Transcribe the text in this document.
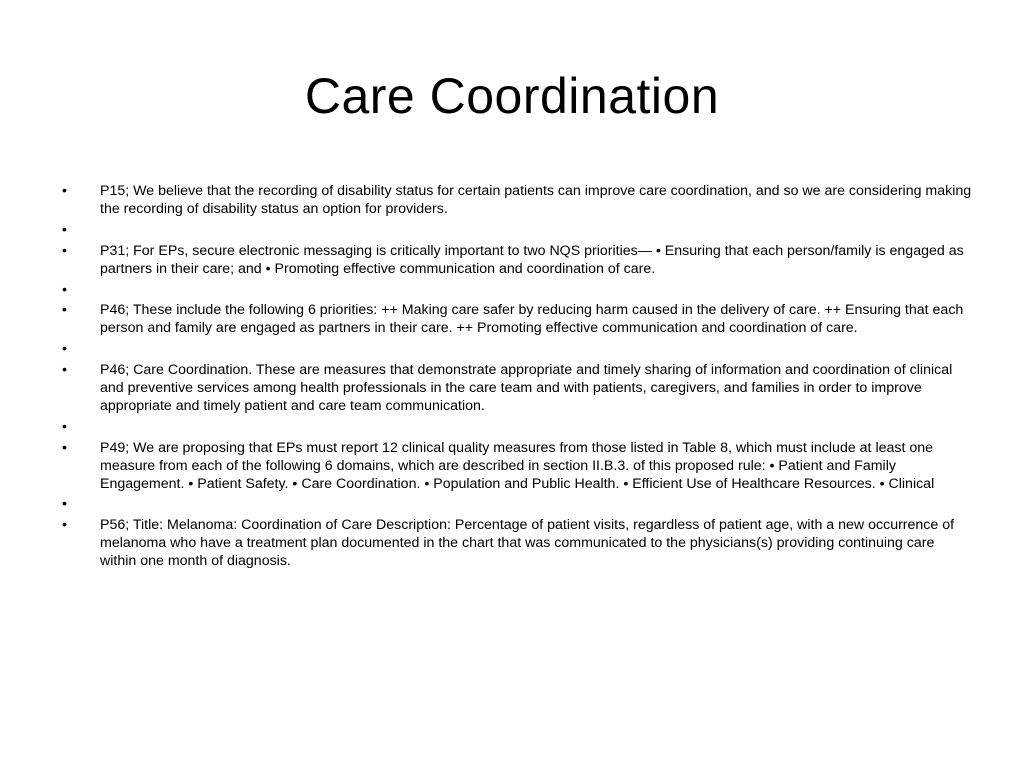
Care Coordination
•	P15; We believe that the recording of disability status for certain patients can improve care coordination, and so we are considering making the recording of disability status an option for providers.
•
•	P31; For EPs, secure electronic messaging is critically important to two NQS priorities— • Ensuring that each person/family is engaged as partners in their care; and • Promoting effective communication and coordination of care.
•
•	P46; These include the following 6 priorities: ++ Making care safer by reducing harm caused in the delivery of care. ++ Ensuring that each person and family are engaged as partners in their care. ++ Promoting effective communication and coordination of care.
•
•	P46; Care Coordination. These are measures that demonstrate appropriate and timely sharing of information and coordination of clinical and preventive services among health professionals in the care team and with patients, caregivers, and families in order to improve appropriate and timely patient and care team communication.
•
•	P49; We are proposing that EPs must report 12 clinical quality measures from those listed in Table 8, which must include at least one measure from each of the following 6 domains, which are described in section II.B.3. of this proposed rule: • Patient and Family Engagement. • Patient Safety. • Care Coordination. • Population and Public Health. • Efficient Use of Healthcare Resources. • Clinical
•
•	P56; Title: Melanoma: Coordination of Care Description: Percentage of patient visits, regardless of patient age, with a new occurrence of melanoma who have a treatment plan documented in the chart that was communicated to the physicians(s) providing continuing care within one month of diagnosis.
